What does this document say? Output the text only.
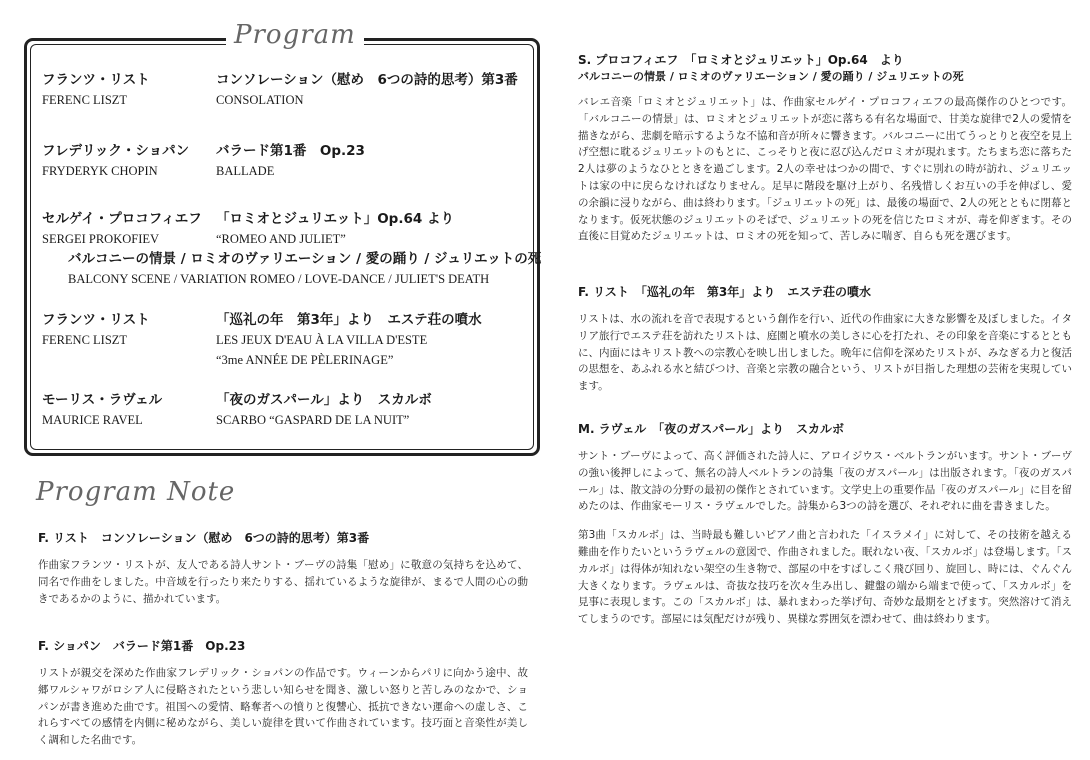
Program
フランツ・リスト	コンソレーション（慰め　6つの詩的思考）第3番
FERENC LISZT	CONSOLATION
フレデリック・ショパン	バラード第1番　Op.23
FRYDERYK CHOPIN	BALLADE
セルゲイ・プロコフィエフ	「ロミオとジュリエット」Op.64 より
SERGEI PROKOFIEV	“ROMEO AND JULIET”
バルコニーの情景 / ロミオのヴァリエーション / 愛の踊り / ジュリエットの死
BALCONY SCENE / VARIATION ROMEO / LOVE-DANCE / JULIET'S DEATH
フランツ・リスト	「巡礼の年　第3年」より　エステ荘の噴水
FERENC LISZT	LES JEUX D'EAU À LA VILLA D'ESTE
“3me ANNÉE DE PÈLERINAGE”
モーリス・ラヴェル	「夜のガスパール」より　スカルボ
MAURICE RAVEL	SCARBO “GASPARD DE LA NUIT”
Program Note
F. リスト　コンソレーション（慰め　6つの詩的思考）第3番
作曲家フランツ・リストが、友人である詩人サント・ブーヴの詩集「慰め」に敬意の気持ちを込めて、同名で作曲をしました。中音域を行ったり来たりする、揺れているような旋律が、まるで人間の心の動きであるかのように、描かれています。
F. ショパン　バラード第1番　Op.23
リストが親交を深めた作曲家フレデリック・ショパンの作品です。ウィーンからパリに向かう途中、故郷ワルシャワがロシア人に侵略されたという悲しい知らせを聞き、激しい怒りと苦しみのなかで、ショパンが書き進めた曲です。祖国への愛情、略奪者への憤りと復讐心、抵抗できない運命への虚しさ、これらすべての感情を内側に秘めながら、美しい旋律を貫いて作曲されています。技巧面と音楽性が美しく調和した名曲です。
S. プロコフィエフ　「ロミオとジュリエット」Op.64　より
バルコニーの情景 / ロミオのヴァリエーション / 愛の踊り / ジュリエットの死
バレエ音楽「ロミオとジュリエット」は、作曲家セルゲイ・プロコフィエフの最高傑作のひとつです。「バルコニーの情景」は、ロミオとジュリエットが恋に落ちる有名な場面で、甘美な旋律で2人の愛情を描きながら、悲劇を暗示するような不協和音が所々に響きます。バルコニーに出てうっとりと夜空を見上げ空想に耽るジュリエットのもとに、こっそりと夜に忍び込んだロミオが現れます。たちまち恋に落ちた2人は夢のようなひとときを過ごします。2人の幸せはつかの間で、すぐに別れの時が訪れ、ジュリエットは家の中に戻らなければなりません。足早に階段を駆け上がり、名残惜しくお互いの手を伸ばし、愛の余韻に浸りながら、曲は終わります。「ジュリエットの死」は、最後の場面で、2人の死とともに閉幕となります。仮死状態のジュリエットのそばで、ジュリエットの死を信じたロミオが、毒を仰ぎます。その直後に目覚めたジュリエットは、ロミオの死を知って、苦しみに喘ぎ、自らも死を選びます。
F. リスト　「巡礼の年　第3年」より　エステ荘の噴水
リストは、水の流れを音で表現するという創作を行い、近代の作曲家に大きな影響を及ぼしました。イタリア旅行でエステ荘を訪れたリストは、庭園と噴水の美しさに心を打たれ、その印象を音楽にするとともに、内面にはキリスト教への宗教心を映し出しました。晩年に信仰を深めたリストが、みなぎる力と復活の思想を、あふれる水と結びつけ、音楽と宗教の融合という、リストが目指した理想の芸術を実現しています。
M. ラヴェル　「夜のガスパール」より　スカルボ
サント・ブーヴによって、高く評価された詩人に、アロイジウス・ベルトランがいます。サント・ブーヴの強い後押しによって、無名の詩人ベルトランの詩集「夜のガスパール」は出版されます。「夜のガスパール」は、散文詩の分野の最初の傑作とされています。文学史上の重要作品「夜のガスパール」に目を留めたのは、作曲家モーリス・ラヴェルでした。詩集から3つの詩を選び、それぞれに曲を書きました。
第3曲「スカルボ」は、当時最も難しいピアノ曲と言われた「イスラメイ」に対して、その技術を越える難曲を作りたいというラヴェルの意図で、作曲されました。眠れない夜、「スカルボ」は登場します。「スカルボ」は得体が知れない架空の生き物で、部屋の中をすばしこく飛び回り、旋回し、時には、ぐんぐん大きくなります。ラヴェルは、奇抜な技巧を次々生み出し、鍵盤の端から端まで使って、「スカルボ」を見事に表現します。この「スカルボ」は、暴れまわった挙げ句、奇妙な最期をとげます。突然溶けて消えてしまうのです。部屋には気配だけが残り、異様な雰囲気を漂わせて、曲は終わります。
